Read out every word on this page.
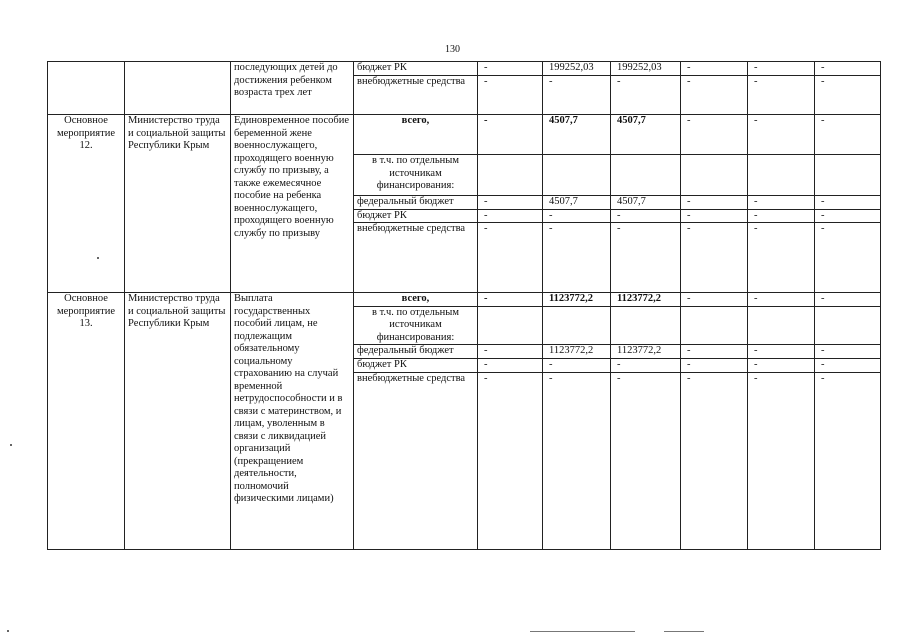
130
		последующих детей до достижения ребенком возраста трех лет	бюджет РК	-	199252,03	199252,03	-	-	-
			внебюджетные средства	-	-	-	-	-	-
Основное мероприятие 12.	Министерство труда и социальной защиты Республики Крым	Единовременное пособие беременной жене военнослужащего, проходящего военную службу по призыву, а также ежемесячное пособие на ребенка военнослужащего, проходящего военную службу по призыву	всего,	-	4507,7	4507,7	-	-	-
			в т.ч. по отдельным источникам финансирования:						
			федеральный бюджет	-	4507,7	4507,7	-	-	-
			бюджет РК	-	-	-	-	-	-
			внебюджетные средства	-	-	-	-	-	-
Основное мероприятие 13.	Министерство труда и социальной защиты Республики Крым	Выплата государственных пособий лицам, не подлежащим обязательному социальному страхованию на случай временной нетрудоспособности и в связи с материнством, и лицам, уволенным в связи с ликвидацией организаций (прекращением деятельности, полномочий физическими лицами)	всего,	-	1123772,2	1123772,2	-	-	-
			в т.ч. по отдельным источникам финансирования:						
			федеральный бюджет	-	1123772,2	1123772,2	-	-	-
			бюджет РК	-	-	-	-	-	-
			внебюджетные средства	-	-	-	-	-	-
